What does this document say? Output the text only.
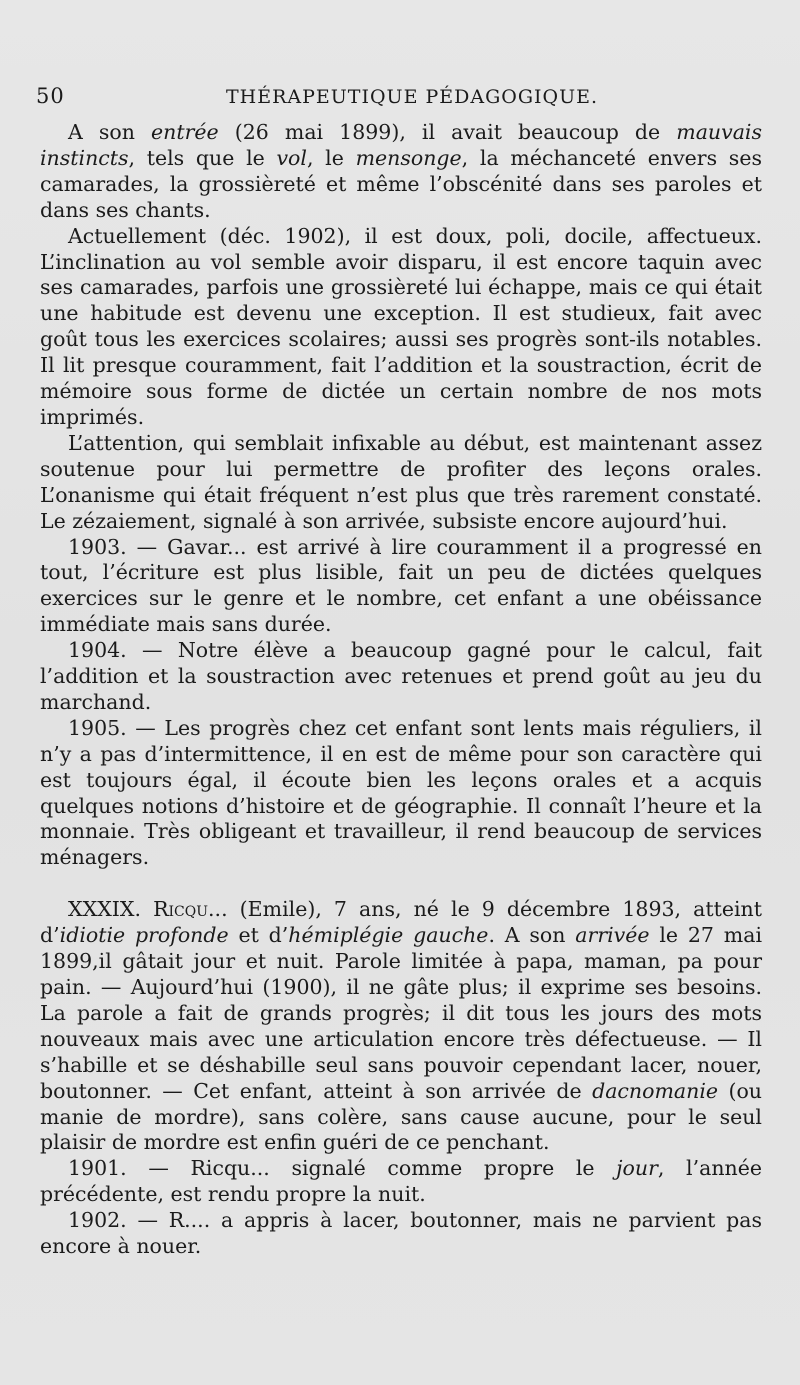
50	THÉRAPEUTIQUE PÉDAGOGIQUE.

A son entrée (26 mai 1899), il avait beaucoup de mauvais instincts, tels que le vol, le mensonge, la méchanceté envers ses camarades, la grossièreté et même l’obscénité dans ses paroles et dans ses chants.

Actuellement (déc. 1902), il est doux, poli, docile, affectueux. L’inclination au vol semble avoir disparu, il est encore taquin avec ses camarades, parfois une grossièreté lui échappe, mais ce qui était une habitude est devenu une exception. Il est studieux, fait avec goût tous les exercices scolaires; aussi ses progrès sont-ils notables. Il lit presque couramment, fait l’addition et la soustraction, écrit de mémoire sous forme de dictée un certain nombre de nos mots imprimés.

L’attention, qui semblait infixable au début, est maintenant assez soutenue pour lui permettre de profiter des leçons orales. L’onanisme qui était fréquent n’est plus que très rarement constaté. Le zézaiement, signalé à son arrivée, subsiste encore aujourd’hui.

1903. — Gavar... est arrivé à lire couramment il a progressé en tout, l’écriture est plus lisible, fait un peu de dictées quelques exercices sur le genre et le nombre, cet enfant a une obéissance immédiate mais sans durée.

1904. — Notre élève a beaucoup gagné pour le calcul, fait l’addition et la soustraction avec retenues et prend goût au jeu du marchand.

1905. — Les progrès chez cet enfant sont lents mais réguliers, il n’y a pas d’intermittence, il en est de même pour son caractère qui est toujours égal, il écoute bien les leçons orales et a acquis quelques notions d’histoire et de géographie. Il connaît l’heure et la monnaie. Très obligeant et travailleur, il rend beaucoup de services ménagers.

XXXIX. Ricqu... (Emile), 7 ans, né le 9 décembre 1893, atteint d’idiotie profonde et d’hémiplégie gauche. A son arrivée le 27 mai 1899,il gâtait jour et nuit. Parole limitée à papa, maman, pa pour pain. — Aujourd’hui (1900), il ne gâte plus; il exprime ses besoins. La parole a fait de grands progrès; il dit tous les jours des mots nouveaux mais avec une articulation encore très défectueuse. — Il s’habille et se déshabille seul sans pouvoir cependant lacer, nouer, boutonner. — Cet enfant, atteint à son arrivée de dacnomanie (ou manie de mordre), sans colère, sans cause aucune, pour le seul plaisir de mordre est enfin guéri de ce penchant.

1901. — Ricqu... signalé comme propre le jour, l’année précédente, est rendu propre la nuit.

1902. — R.... a appris à lacer, boutonner, mais ne parvient pas encore à nouer.
